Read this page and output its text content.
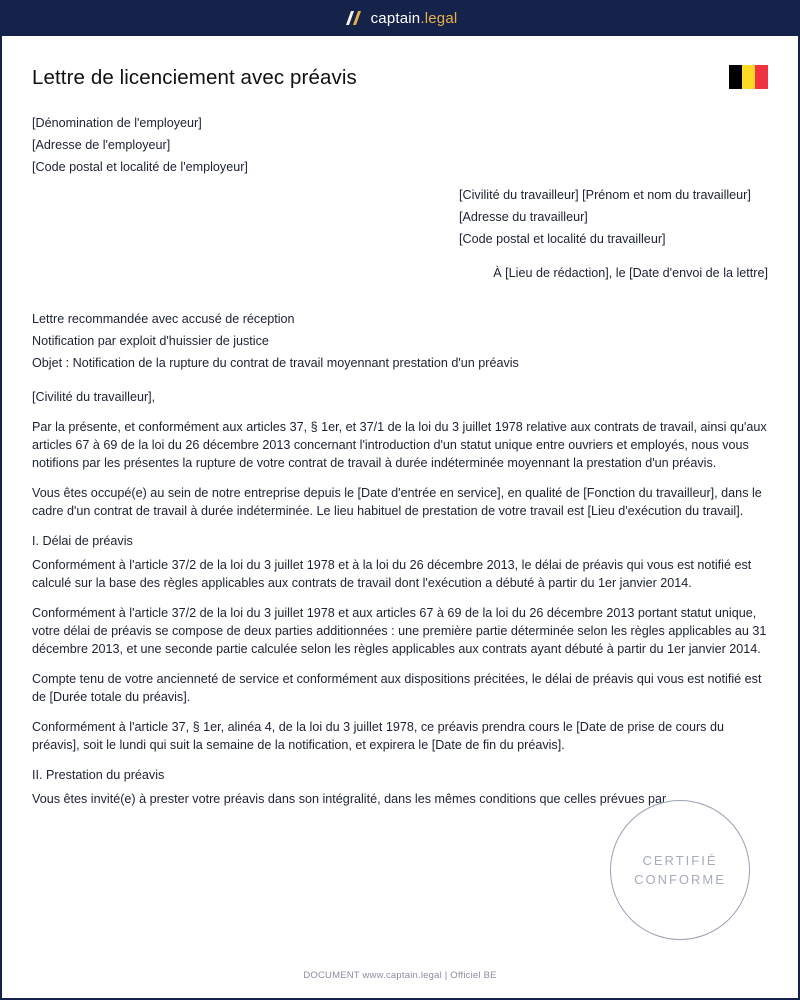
captain.legal
Lettre de licenciement avec préavis

[Dénomination de l'employeur]

[Adresse de l'employeur]

[Code postal et localité de l'employeur]

[Civilité du travailleur] [Prénom et nom du travailleur]

[Adresse du travailleur]

[Code postal et localité du travailleur]

À [Lieu de rédaction], le [Date d'envoi de la lettre]

Lettre recommandée avec accusé de réception

Notification par exploit d'huissier de justice

Objet : Notification de la rupture du contrat de travail moyennant prestation d'un préavis

[Civilité du travailleur],

Par la présente, et conformément aux articles 37, § 1er, et 37/1 de la loi du 3 juillet 1978 relative aux contrats de travail, ainsi qu'aux articles 67 à 69 de la loi du 26 décembre 2013 concernant l'introduction d'un statut unique entre ouvriers et employés, nous vous notifions par les présentes la rupture de votre contrat de travail à durée indéterminée moyennant la prestation d'un préavis.

Vous êtes occupé(e) au sein de notre entreprise depuis le [Date d'entrée en service], en qualité de [Fonction du travailleur], dans le cadre d'un contrat de travail à durée indéterminée. Le lieu habituel de prestation de votre travail est [Lieu d'exécution du travail].

I. Délai de préavis

Conformément à l'article 37/2 de la loi du 3 juillet 1978 et à la loi du 26 décembre 2013, le délai de préavis qui vous est notifié est calculé sur la base des règles applicables aux contrats de travail dont l'exécution a débuté à partir du 1er janvier 2014.

Conformément à l'article 37/2 de la loi du 3 juillet 1978 et aux articles 67 à 69 de la loi du 26 décembre 2013 portant statut unique, votre délai de préavis se compose de deux parties additionnées : une première partie déterminée selon les règles applicables au 31 décembre 2013, et une seconde partie calculée selon les règles applicables aux contrats ayant débuté à partir du 1er janvier 2014.

Compte tenu de votre ancienneté de service et conformément aux dispositions précitées, le délai de préavis qui vous est notifié est de [Durée totale du préavis].

Conformément à l'article 37, § 1er, alinéa 4, de la loi du 3 juillet 1978, ce préavis prendra cours le [Date de prise de cours du préavis], soit le lundi qui suit la semaine de la notification, et expirera le [Date de fin du préavis].

II. Prestation du préavis

Vous êtes invité(e) à prester votre préavis dans son intégralité, dans les mêmes conditions que celles prévues par

CERTIFIÉ
CONFORME
DOCUMENT www.captain.legal | Officiel BE
